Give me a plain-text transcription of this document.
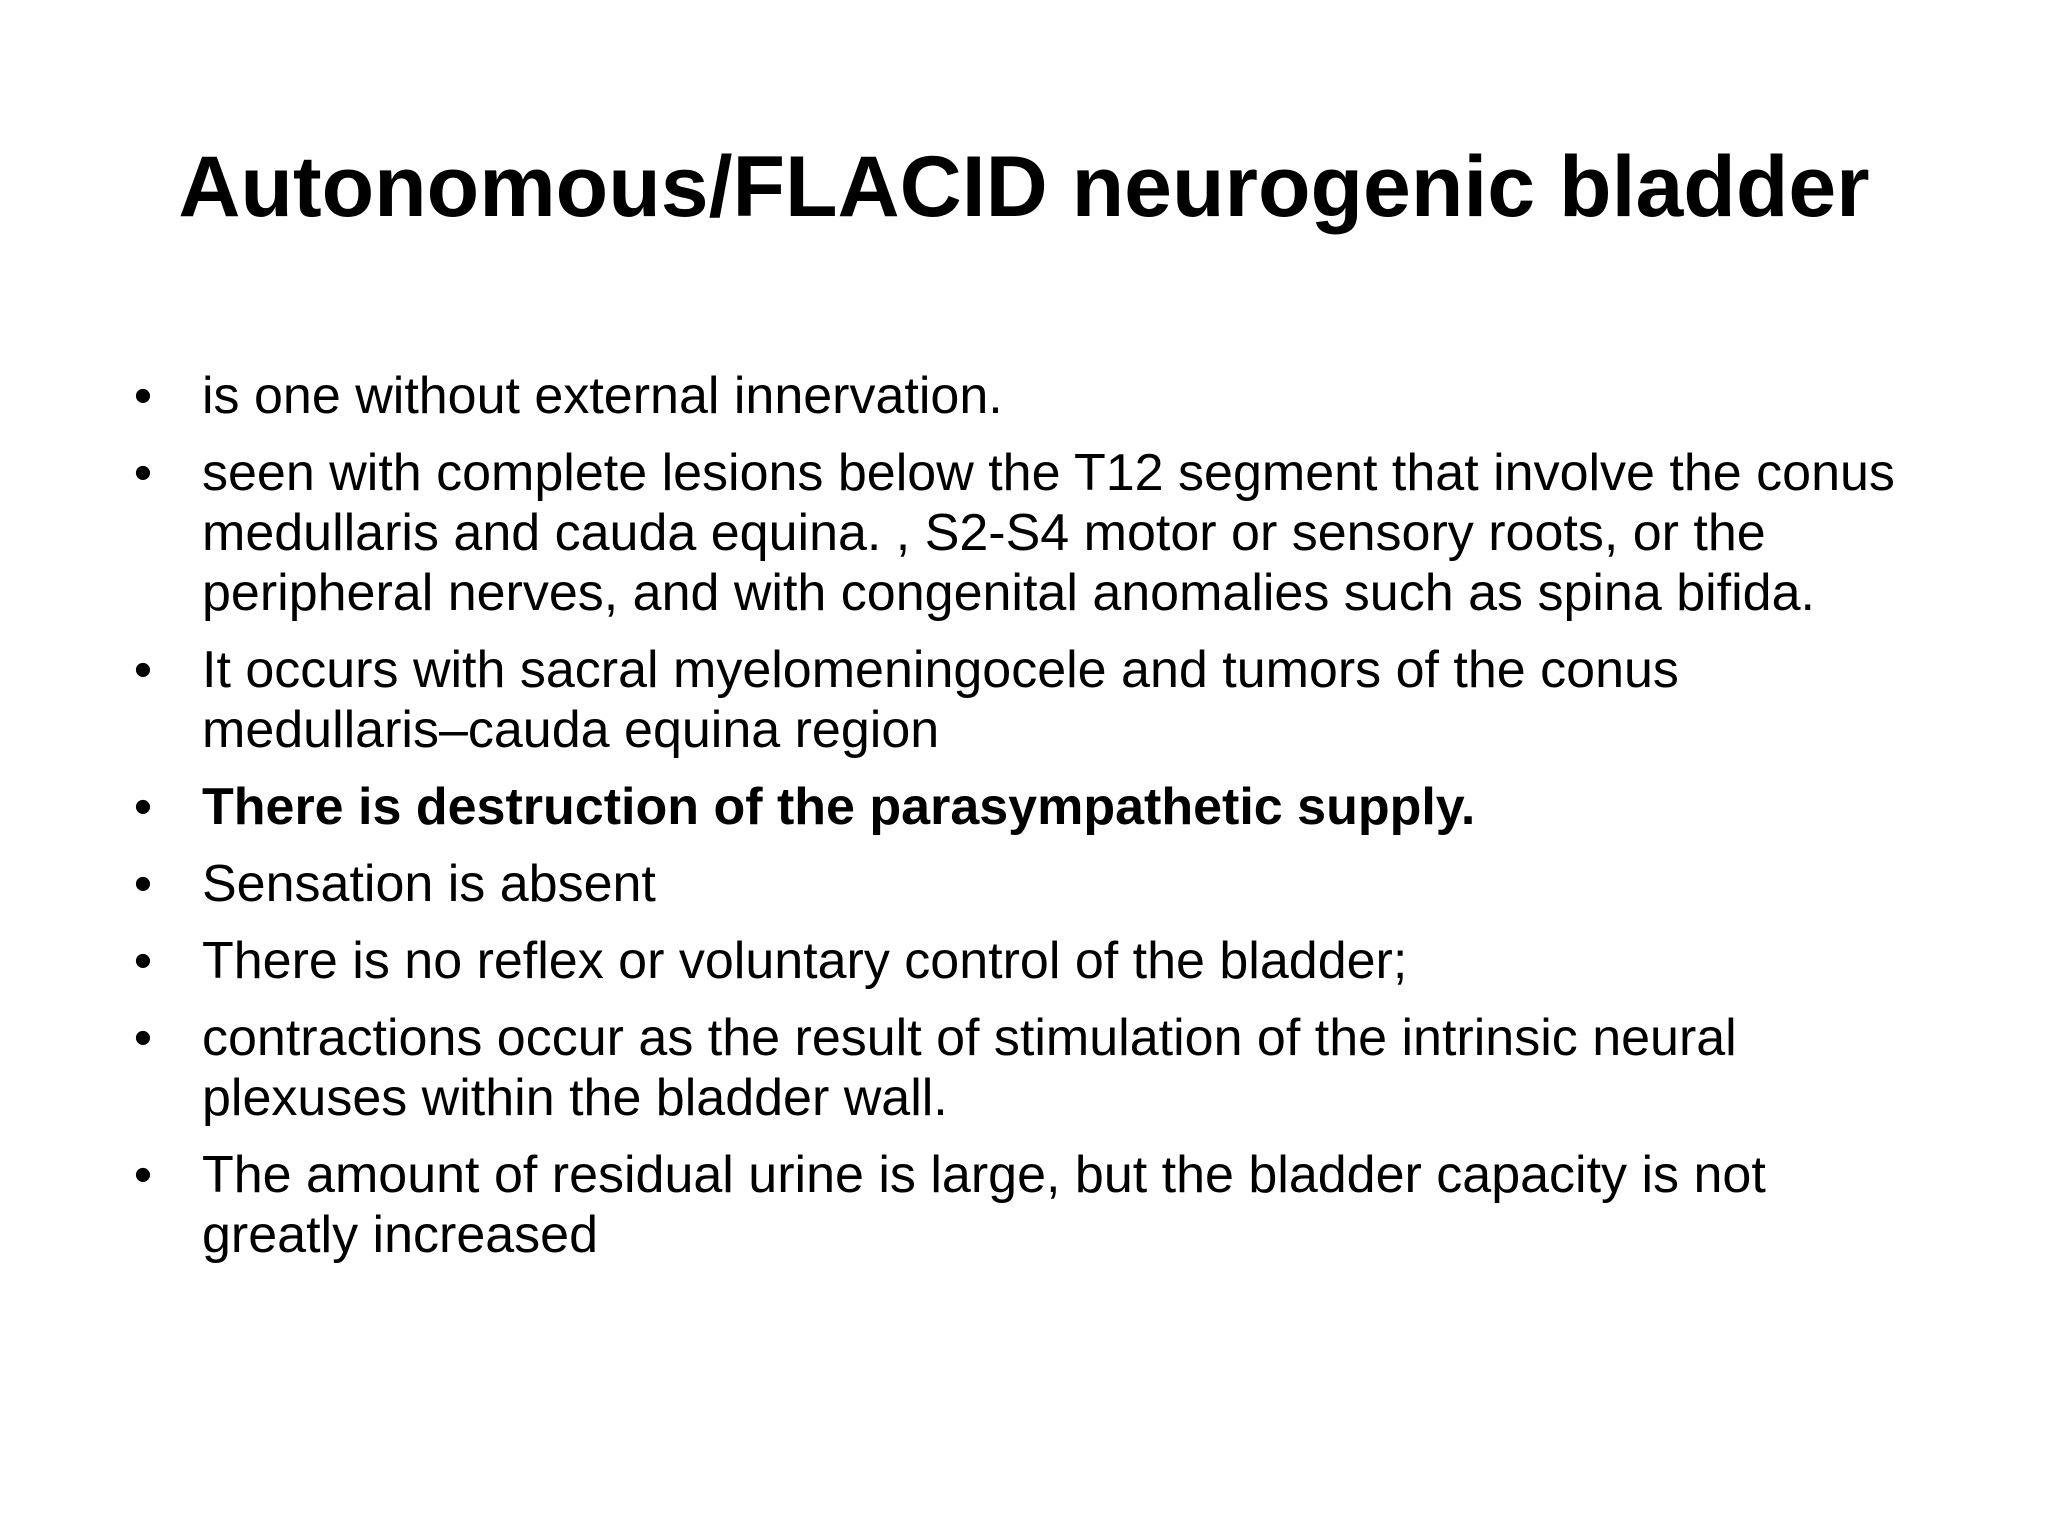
Autonomous/FLACID neurogenic bladder
• is one without external innervation.
• seen with complete lesions below the T12 segment that involve the conus medullaris and cauda equina. , S2-S4 motor or sensory roots, or the peripheral nerves, and with congenital anomalies such as spina bifida.
• It occurs with sacral myelomeningocele and tumors of the conus medullaris–cauda equina region
• There is destruction of the parasympathetic supply.
• Sensation is absent
• There is no reflex or voluntary control of the bladder;
• contractions occur as the result of stimulation of the intrinsic neural plexuses within the bladder wall.
• The amount of residual urine is large, but the bladder capacity is not greatly increased
